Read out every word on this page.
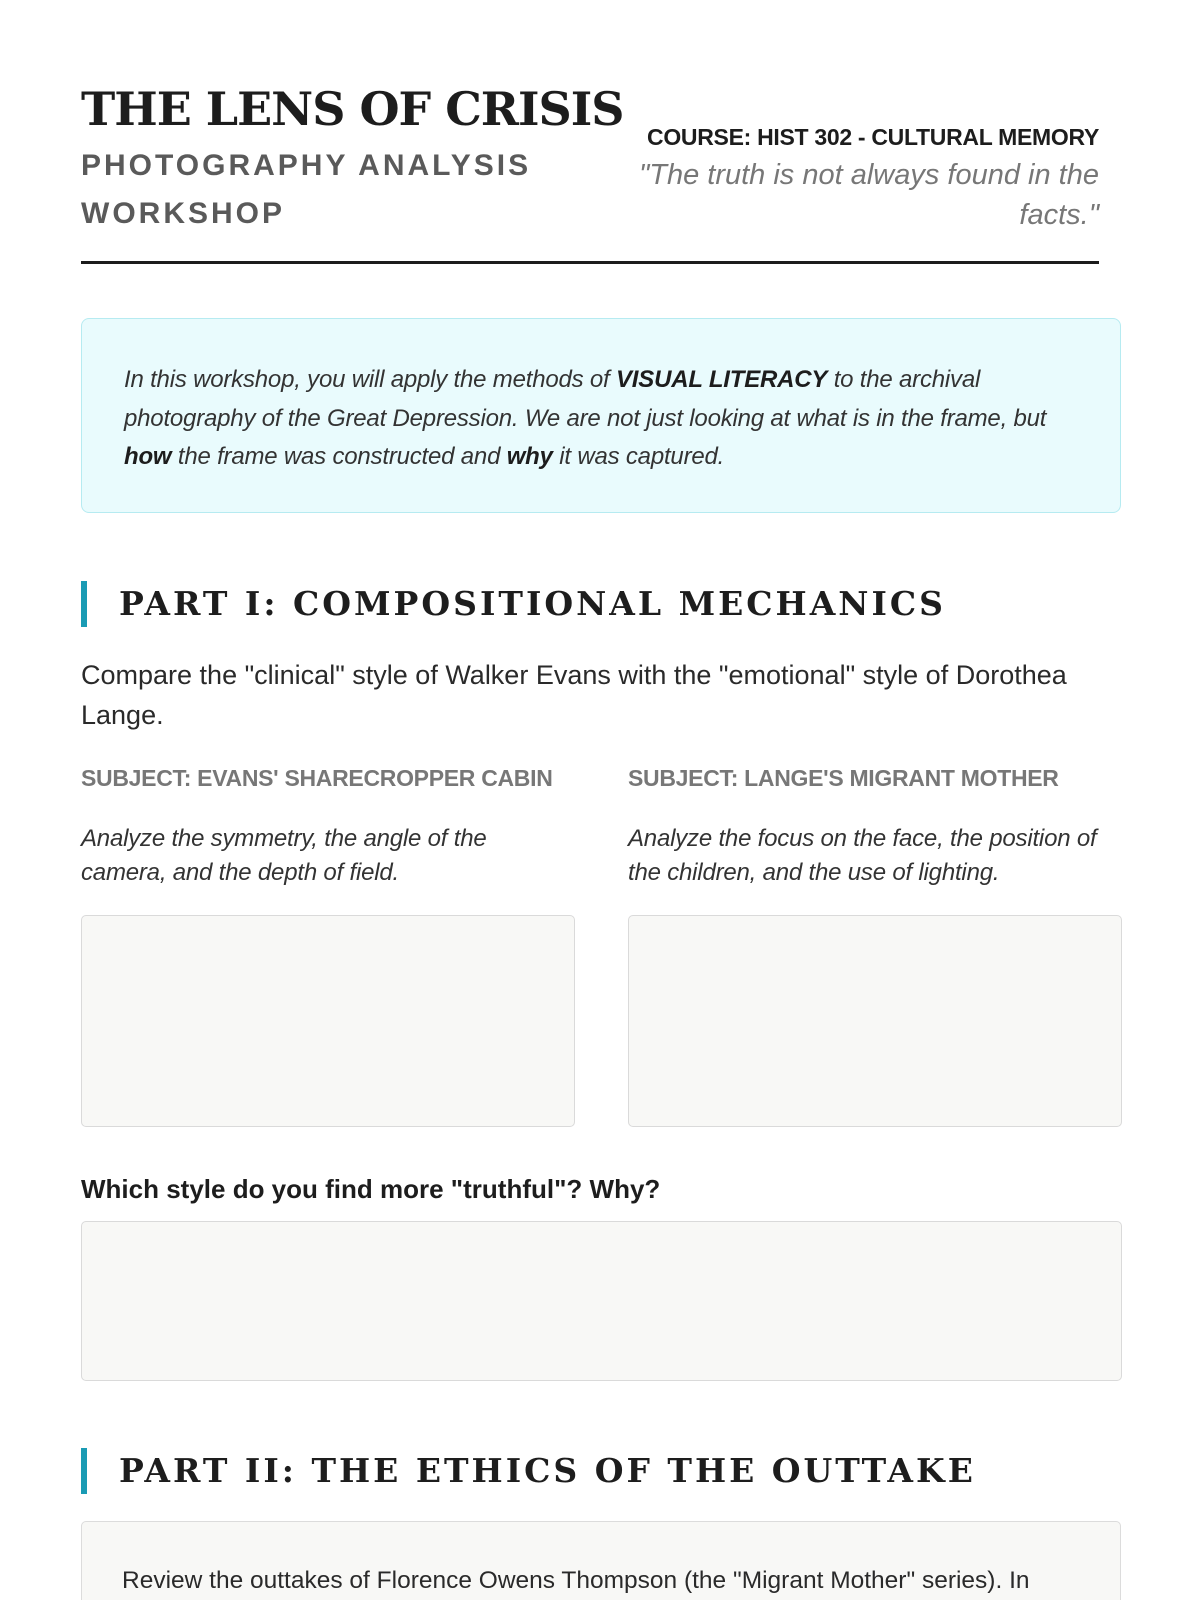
THE LENS OF CRISIS

PHOTOGRAPHY ANALYSIS WORKSHOP

COURSE: HIST 302 - CULTURAL MEMORY

"The truth is not always found in the facts."

In this workshop, you will apply the methods of VISUAL LITERACY to the archival photography of the Great Depression. We are not just looking at what is in the frame, but how the frame was constructed and why it was captured.
PART I: COMPOSITIONAL MECHANICS

Compare the "clinical" style of Walker Evans with the "emotional" style of Dorothea Lange.

SUBJECT: EVANS' SHARECROPPER CABIN

Analyze the symmetry, the angle of the camera, and the depth of field.

SUBJECT: LANGE'S MIGRANT MOTHER

Analyze the focus on the face, the position of the children, and the use of lighting.

Which style do you find more "truthful"? Why?

PART II: THE ETHICS OF THE OUTTAKE

Review the outtakes of Florence Owens Thompson (the "Migrant Mother" series). In
